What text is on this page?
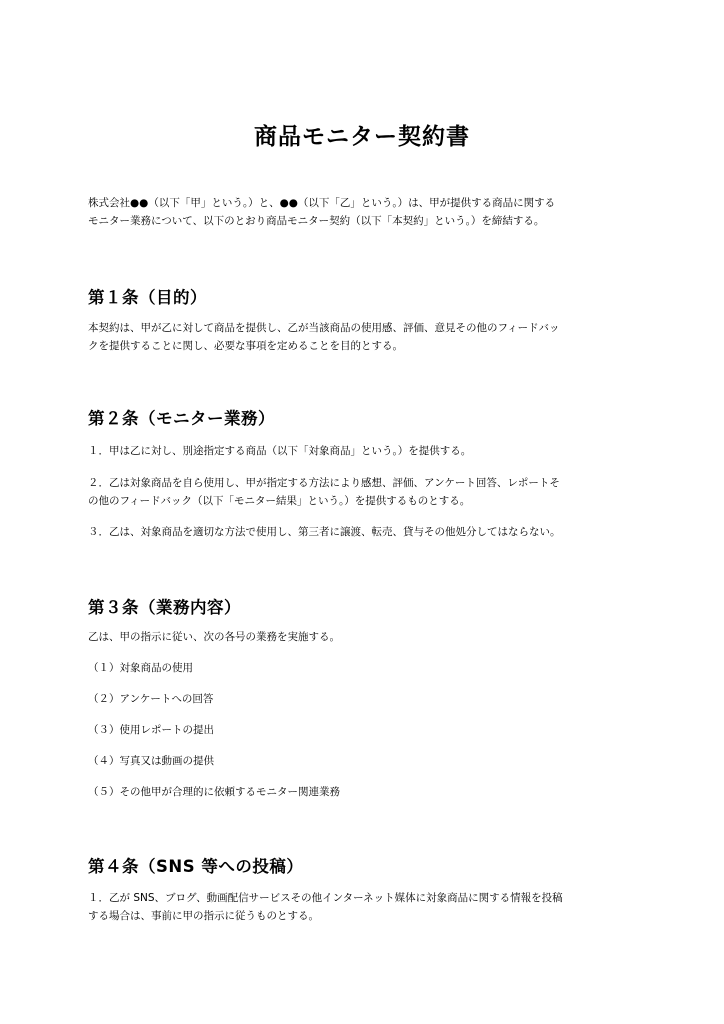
商品モニター契約書
株式会社●●（以下「甲」という。）と、●●（以下「乙」という。）は、甲が提供する商品に関する
モニター業務について、以下のとおり商品モニター契約（以下「本契約」という。）を締結する。
第１条（目的）
本契約は、甲が乙に対して商品を提供し、乙が当該商品の使用感、評価、意見その他のフィードバッ
クを提供することに関し、必要な事項を定めることを目的とする。
第２条（モニター業務）
１．甲は乙に対し、別途指定する商品（以下「対象商品」という。）を提供する。
２．乙は対象商品を自ら使用し、甲が指定する方法により感想、評価、アンケート回答、レポートそ
の他のフィードバック（以下「モニター結果」という。）を提供するものとする。
３．乙は、対象商品を適切な方法で使用し、第三者に譲渡、転売、貸与その他処分してはならない。
第３条（業務内容）
乙は、甲の指示に従い、次の各号の業務を実施する。
（１）対象商品の使用
（２）アンケートへの回答
（３）使用レポートの提出
（４）写真又は動画の提供
（５）その他甲が合理的に依頼するモニター関連業務
第４条（SNS 等への投稿）
１．乙が SNS、ブログ、動画配信サービスその他インターネット媒体に対象商品に関する情報を投稿
する場合は、事前に甲の指示に従うものとする。
